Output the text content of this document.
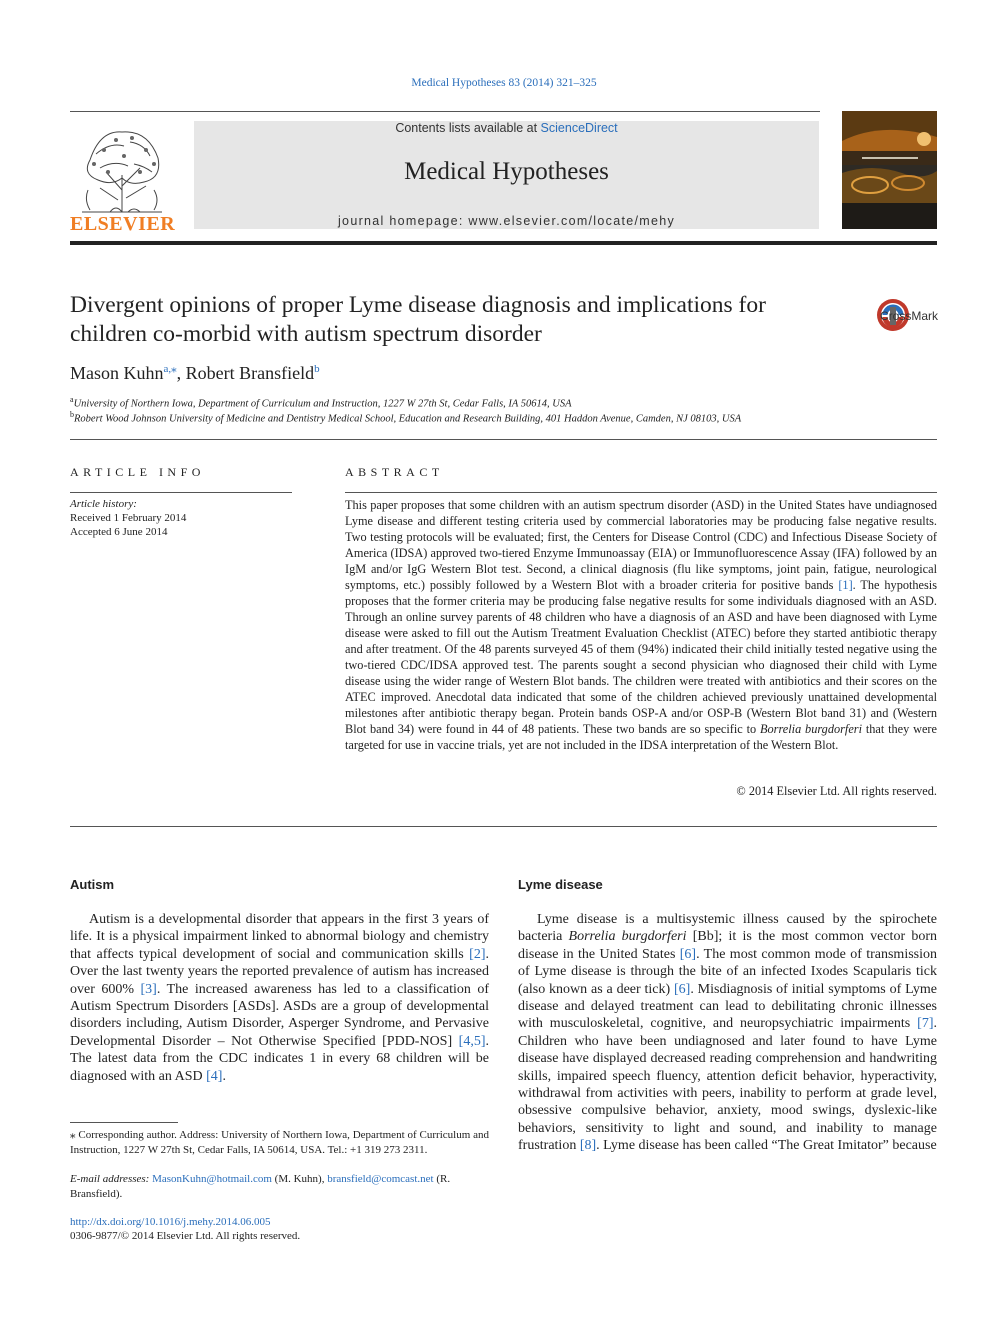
Medical Hypotheses 83 (2014) 321–325
ELSEVIER
Contents lists available at ScienceDirect
Medical Hypotheses
journal homepage: www.elsevier.com/locate/mehy
Divergent opinions of proper Lyme disease diagnosis and implications for children co-morbid with autism spectrum disorder
CrossMark
Mason Kuhn$^{a,⁎}$, Robert Bransfield$^b$
$^a$University of Northern Iowa, Department of Curriculum and Instruction, 1227 W 27th St, Cedar Falls, IA 50614, USA
$^b$Robert Wood Johnson University of Medicine and Dentistry Medical School, Education and Research Building, 401 Haddon Avenue, Camden, NJ 08103, USA
ARTICLE INFO
Article history:
Received 1 February 2014
Accepted 6 June 2014
ABSTRACT
This paper proposes that some children with an autism spectrum disorder (ASD) in the United States have undiagnosed Lyme disease and different testing criteria used by commercial laboratories may be producing false negative results. Two testing protocols will be evaluated; first, the Centers for Disease Control (CDC) and Infectious Disease Society of America (IDSA) approved two-tiered Enzyme Immunoassay (EIA) or Immunofluorescence Assay (IFA) followed by an IgM and/or IgG Western Blot test. Second, a clinical diagnosis (flu like symptoms, joint pain, fatigue, neurological symptoms, etc.) possibly followed by a Western Blot with a broader criteria for positive bands [1]. The hypothesis proposes that the former criteria may be producing false negative results for some individuals diagnosed with an ASD. Through an online survey parents of 48 children who have a diagnosis of an ASD and have been diagnosed with Lyme disease were asked to fill out the Autism Treatment Evaluation Checklist (ATEC) before they started antibiotic therapy and after treatment. Of the 48 parents surveyed 45 of them (94%) indicated their child initially tested negative using the two-tiered CDC/IDSA approved test. The parents sought a second physician who diagnosed their child with Lyme disease using the wider range of Western Blot bands. The children were treated with antibiotics and their scores on the ATEC improved. Anecdotal data indicated that some of the children achieved previously unattained developmental milestones after antibiotic therapy began. Protein bands OSP-A and/or OSP-B (Western Blot band 31) and (Western Blot band 34) were found in 44 of 48 patients. These two bands are so specific to Borrelia burgdorferi that they were targeted for use in vaccine trials, yet are not included in the IDSA interpretation of the Western Blot.
© 2014 Elsevier Ltd. All rights reserved.
Autism
Autism is a developmental disorder that appears in the first 3 years of life. It is a physical impairment linked to abnormal biology and chemistry that affects typical development of social and communication skills [2]. Over the last twenty years the reported prevalence of autism has increased over 600% [3]. The increased awareness has led to a classification of Autism Spectrum Disorders [ASDs]. ASDs are a group of developmental disorders including, Autism Disorder, Asperger Syndrome, and Pervasive Developmental Disorder – Not Otherwise Specified [PDD-NOS] [4,5]. The latest data from the CDC indicates 1 in every 68 children will be diagnosed with an ASD [4].
Lyme disease
Lyme disease is a multisystemic illness caused by the spirochete bacteria Borrelia burgdorferi [Bb]; it is the most common vector born disease in the United States [6]. The most common mode of transmission of Lyme disease is through the bite of an infected Ixodes Scapularis tick (also known as a deer tick) [6]. Misdiagnosis of initial symptoms of Lyme disease and delayed treatment can lead to debilitating chronic illnesses with musculoskeletal, cognitive, and neuropsychiatric impairments [7]. Children who have been undiagnosed and later found to have Lyme disease have displayed decreased reading comprehension and handwriting skills, impaired speech fluency, attention deficit behavior, hyperactivity, withdrawal from activities with peers, inability to perform at grade level, obsessive compulsive behavior, anxiety, mood swings, dyslexic-like behaviors, sensitivity to light and sound, and inability to manage frustration [8]. Lyme disease has been called “The Great Imitator” because
⁎ Corresponding author. Address: University of Northern Iowa, Department of Curriculum and Instruction, 1227 W 27th St, Cedar Falls, IA 50614, USA. Tel.: +1 319 273 2311.
E-mail addresses: MasonKuhn@hotmail.com (M. Kuhn), bransfield@comcast.net (R. Bransfield).
http://dx.doi.org/10.1016/j.mehy.2014.06.005
0306-9877/© 2014 Elsevier Ltd. All rights reserved.
